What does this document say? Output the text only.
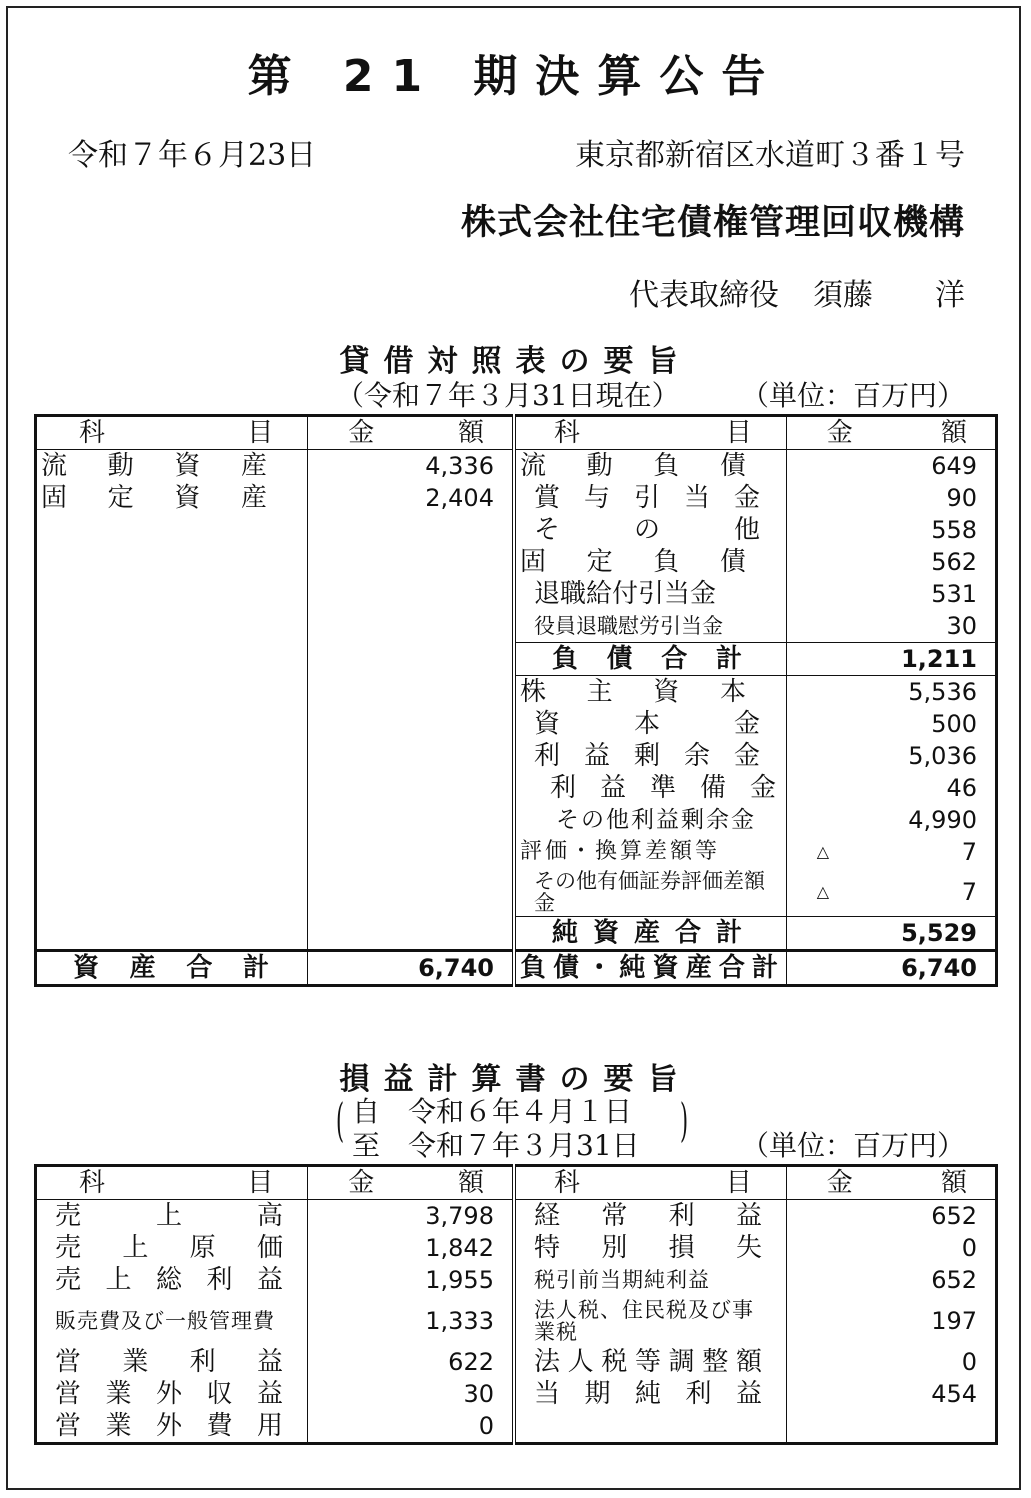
第 21 期決算公告
令和７年６月23日	東京都新宿区水道町３番１号
株式会社住宅債権管理回収機構
代表取締役 須藤 洋
貸借対照表の要旨
（令和７年３月31日現在） （単位：百万円）
科 目	金 額	科 目	金 額

流動資産	4,336	流動負債	649

固定資産	2,404	賞与引当金	90

		その他	558

		固定負債	562

		退職給付引当金	531

		役員退職慰労引当金	30

		負債合計	1,211

		株主資本	5,536

		資本金	500

		利益剰余金	5,036

		利益準備金	46

		その他利益剰余金	4,990

		評価・換算差額等	△ 7

		その他有価証券評価差額金	△ 7

		純資産合計	5,529

資産合計	6,740	負債・純資産合計	6,740
損益計算書の要旨
( 自　令和６年４月１日
至　令和７年３月31日 ) （単位：百万円）
科 目	金 額	科 目	金 額

売上高	3,798	経常利益	652

売上原価	1,842	特別損失	0

売上総利益	1,955	税引前当期純利益	652

販売費及び一般管理費	1,333	法人税、住民税及び事業税	197

営業利益	622	法人税等調整額	0

営業外収益	30	当期純利益	454

営業外費用	0		
